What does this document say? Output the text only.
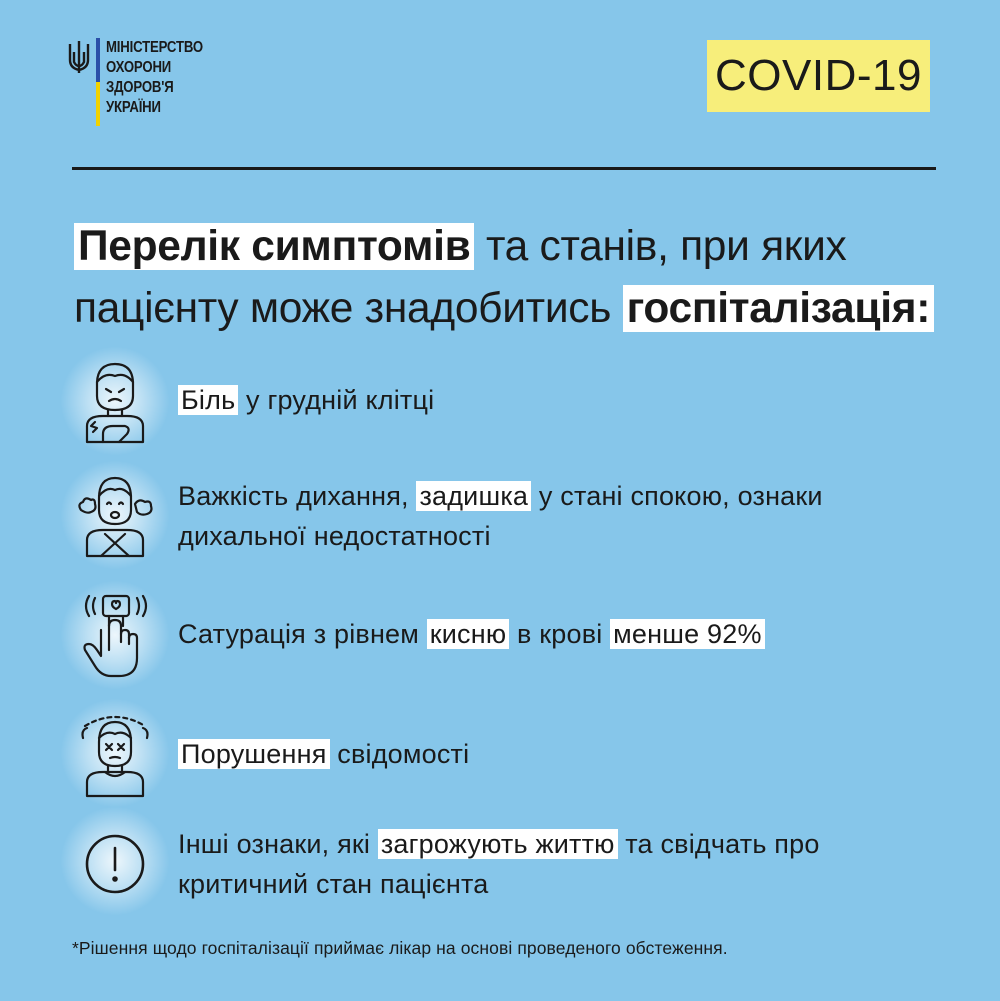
МІНІСТЕРСТВО
ОХОРОНИ
ЗДОРОВ'Я
УКРАЇНИ
COVID-19
Перелік симптомів та станів, при яких
пацієнту може знадобитись госпіталізація:
Біль у грудній клітці
Важкість дихання, задишка у стані спокою, ознаки
дихальної недостатності
Сатурація з рівнем кисню в крові менше 92%
Порушення свідомості
Інші ознаки, які загрожують життю та свідчать про
критичний стан пацієнта
*Рішення щодо госпіталізації приймає лікар на основі проведеного обстеження.
